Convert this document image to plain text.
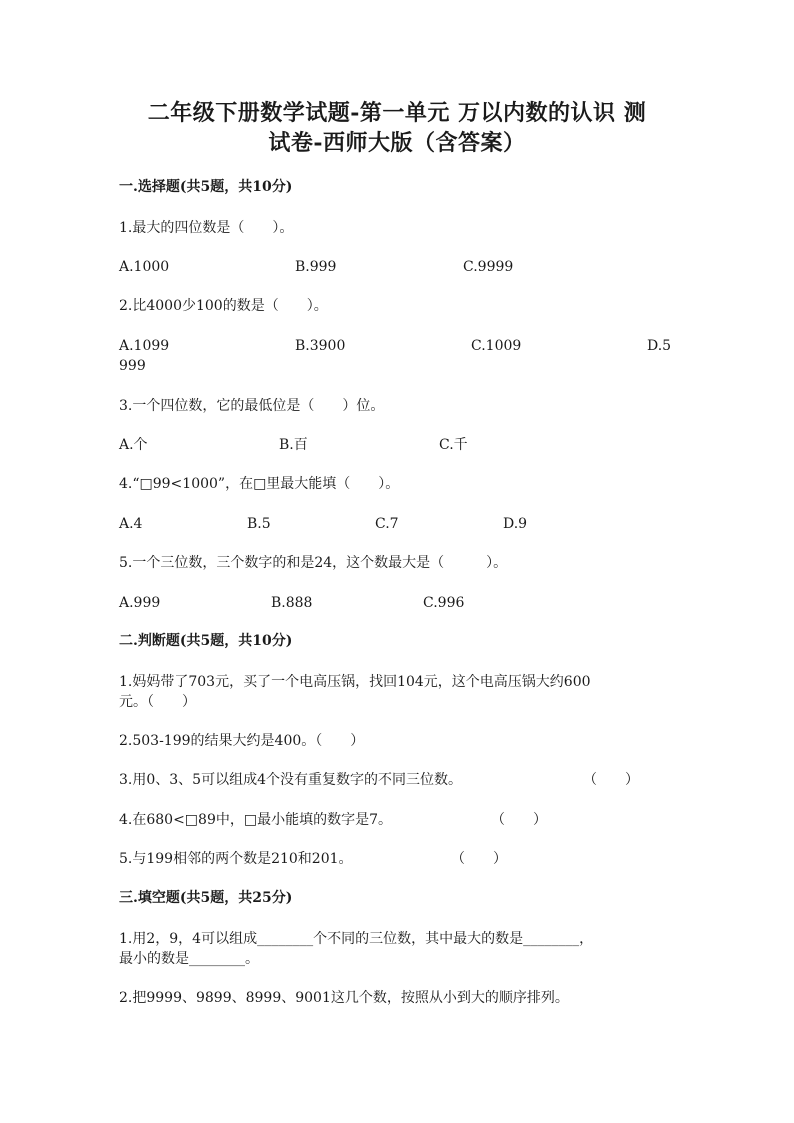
二年级下册数学试题-第一单元 万以内数的认识 测
试卷-西师大版（含答案）
一.选择题(共5题，共10分)
1.最大的四位数是（　　）。
A.1000	B.999	C.9999
2.比4000少100的数是（　　）。
A.1099	B.3900	C.1009	D.5
999
3.一个四位数，它的最低位是（　　）位。
A.个	B.百	C.千
4.“□99<1000”，在□里最大能填（　　）。
A.4	B.5	C.7	D.9
5.一个三位数，三个数字的和是24，这个数最大是（　　　）。
A.999	B.888	C.996
二.判断题(共5题，共10分)
1.妈妈带了703元，买了一个电高压锅，找回104元，这个电高压锅大约600
元。（　　）
2.503-199的结果大约是400。（　　）
3.用0、3、5可以组成4个没有重复数字的不同三位数。	（　　）
4.在680<□89中，□最小能填的数字是7。	（　　）
5.与199相邻的两个数是210和201。	（　　）
三.填空题(共5题，共25分)
1.用2，9，4可以组成________个不同的三位数，其中最大的数是________，
最小的数是________。
2.把9999、9899、8999、9001这几个数，按照从小到大的顺序排列。
